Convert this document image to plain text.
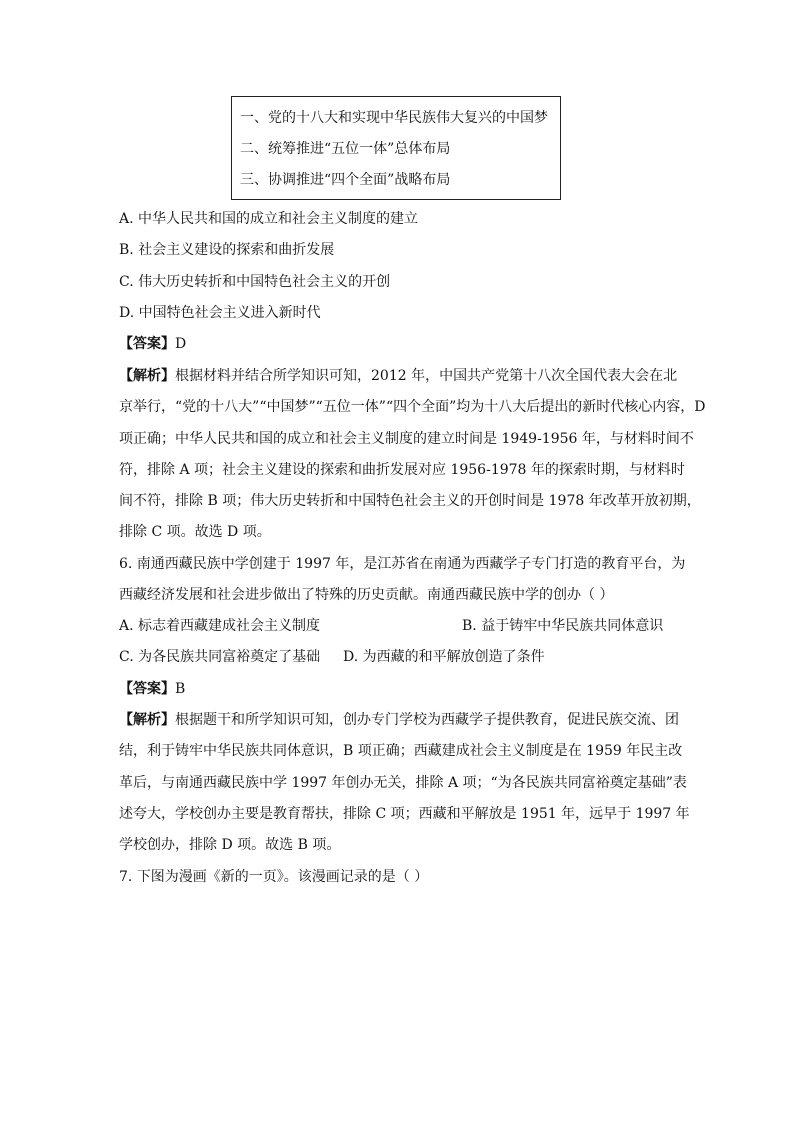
一、党的十八大和实现中华民族伟大复兴的中国梦
二、统筹推进“五位一体”总体布局
三、协调推进“四个全面”战略布局
A. 中华人民共和国的成立和社会主义制度的建立
B. 社会主义建设的探索和曲折发展
C. 伟大历史转折和中国特色社会主义的开创
D. 中国特色社会主义进入新时代
【答案】D
【解析】根据材料并结合所学知识可知，2012 年，中国共产党第十八次全国代表大会在北
京举行，“党的十八大”“中国梦”“五位一体”“四个全面”均为十八大后提出的新时代核心内容，D
项正确；中华人民共和国的成立和社会主义制度的建立时间是 1949-1956 年，与材料时间不
符，排除 A 项；社会主义建设的探索和曲折发展对应 1956-1978 年的探索时期，与材料时
间不符，排除 B 项；伟大历史转折和中国特色社会主义的开创时间是 1978 年改革开放初期，
排除 C 项。故选 D 项。
6. 南通西藏民族中学创建于 1997 年，是江苏省在南通为西藏学子专门打造的教育平台，为
西藏经济发展和社会进步做出了特殊的历史贡献。南通西藏民族中学的创办（ ）
A. 标志着西藏建成社会主义制度	B. 益于铸牢中华民族共同体意识
C. 为各民族共同富裕奠定了基础 D. 为西藏的和平解放创造了条件
【答案】B
【解析】根据题干和所学知识可知，创办专门学校为西藏学子提供教育，促进民族交流、团
结，利于铸牢中华民族共同体意识，B 项正确；西藏建成社会主义制度是在 1959 年民主改
革后，与南通西藏民族中学 1997 年创办无关，排除 A 项；“为各民族共同富裕奠定基础”表
述夸大，学校创办主要是教育帮扶，排除 C 项；西藏和平解放是 1951 年，远早于 1997 年
学校创办，排除 D 项。故选 B 项。
7. 下图为漫画《新的一页》。该漫画记录的是（ ）
